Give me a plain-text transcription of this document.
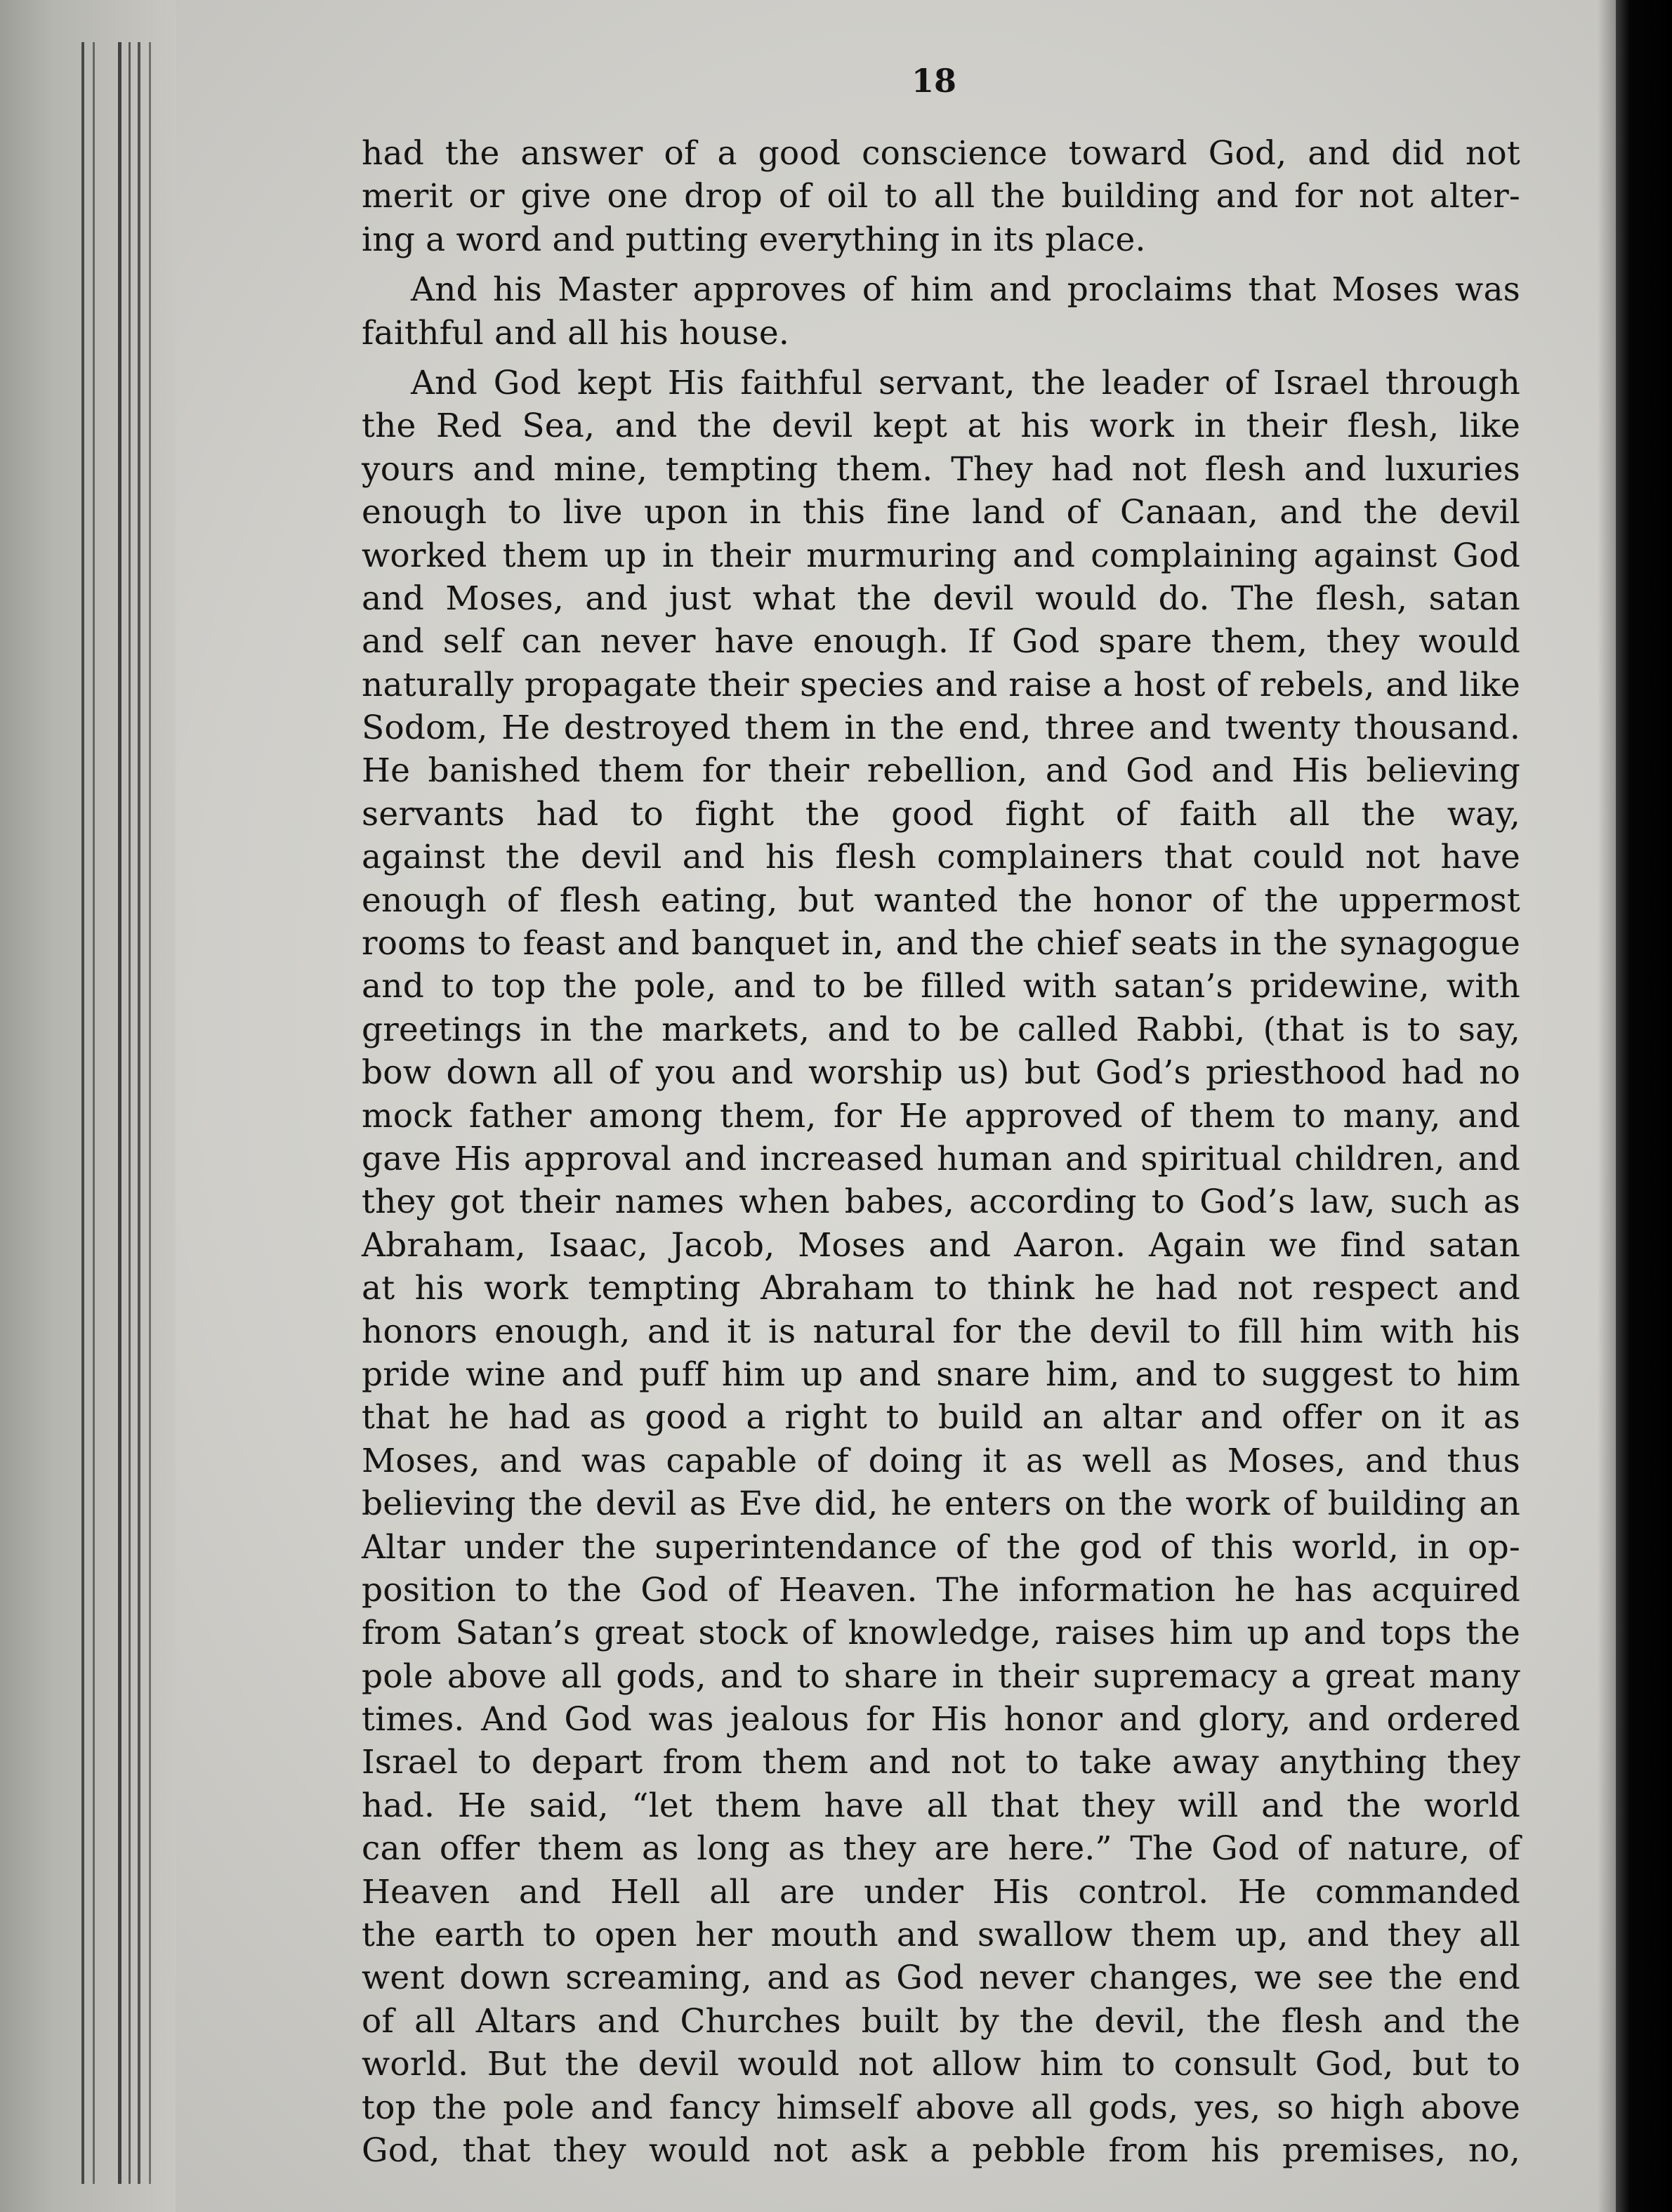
18
had the answer of a good conscience toward God, and did not
merit or give one drop of oil to all the building and for not alter-
ing a word and putting everything in its place.
And his Master approves of him and proclaims that Moses was
faithful and all his house.
And God kept His faithful servant, the leader of Israel through
the Red Sea, and the devil kept at his work in their flesh, like
yours and mine, tempting them. They had not flesh and luxuries
enough to live upon in this fine land of Canaan, and the devil
worked them up in their murmuring and complaining against God
and Moses, and just what the devil would do. The flesh, satan
and self can never have enough. If God spare them, they would
naturally propagate their species and raise a host of rebels, and like
Sodom, He destroyed them in the end, three and twenty thousand.
He banished them for their rebellion, and God and His believing
servants had to fight the good fight of faith all the way,
against the devil and his flesh complainers that could not have
enough of flesh eating, but wanted the honor of the uppermost
rooms to feast and banquet in, and the chief seats in the synagogue
and to top the pole, and to be filled with satan’s pridewine, with
greetings in the markets, and to be called Rabbi, (that is to say,
bow down all of you and worship us) but God’s priesthood had no
mock father among them, for He approved of them to many, and
gave His approval and increased human and spiritual children, and
they got their names when babes, according to God’s law, such as
Abraham, Isaac, Jacob, Moses and Aaron. Again we find satan
at his work tempting Abraham to think he had not respect and
honors enough, and it is natural for the devil to fill him with his
pride wine and puff him up and snare him, and to suggest to him
that he had as good a right to build an altar and offer on it as
Moses, and was capable of doing it as well as Moses, and thus
believing the devil as Eve did, he enters on the work of building an
Altar under the superintendance of the god of this world, in op-
position to the God of Heaven. The information he has acquired
from Satan’s great stock of knowledge, raises him up and tops the
pole above all gods, and to share in their supremacy a great many
times. And God was jealous for His honor and glory, and ordered
Israel to depart from them and not to take away anything they
had. He said, “let them have all that they will and the world
can offer them as long as they are here.” The God of nature, of
Heaven and Hell all are under His control. He commanded
the earth to open her mouth and swallow them up, and they all
went down screaming, and as God never changes, we see the end
of all Altars and Churches built by the devil, the flesh and the
world. But the devil would not allow him to consult God, but to
top the pole and fancy himself above all gods, yes, so high above
God, that they would not ask a pebble from his premises, no,
